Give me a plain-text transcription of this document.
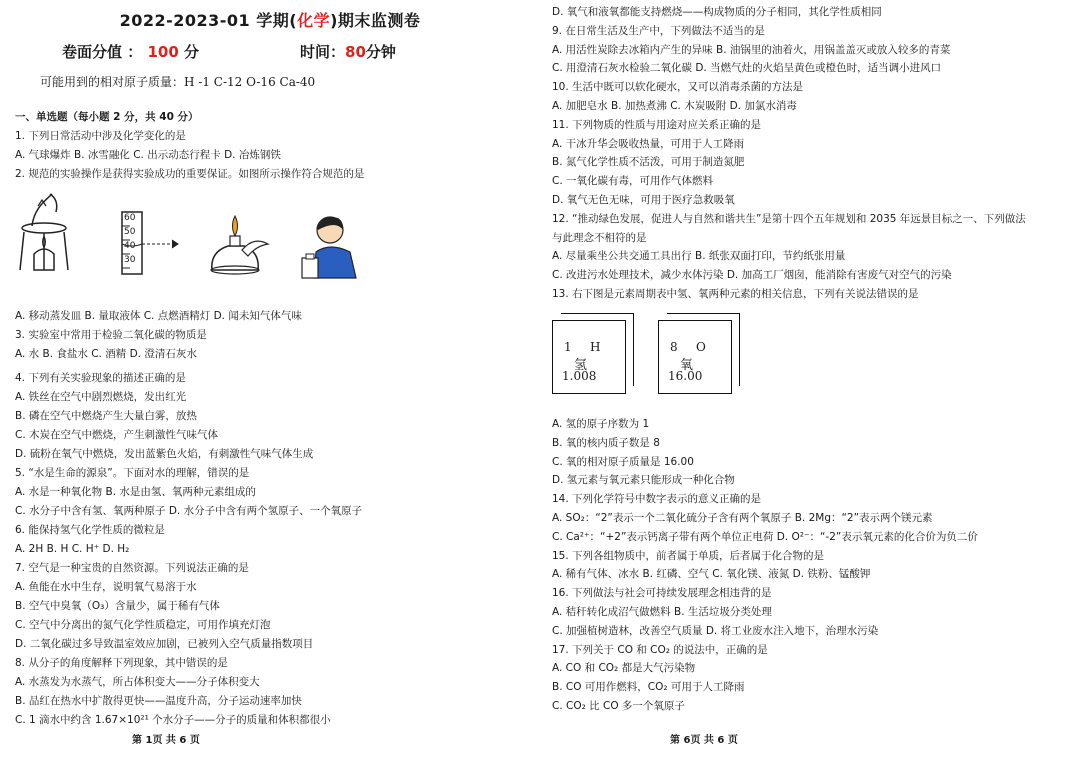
2022-2023-01 学期(化学)期末监测卷
卷面分值 ： 100 分	时间：80分钟
可能用到的相对原子质量：H -1 C-12 O-16 Ca-40
一、单选题（每小题 2 分，共 40 分）
1. 下列日常活动中涉及化学变化的是
A. 气球爆炸 B. 冰雪融化 C. 出示动态行程卡 D. 冶炼钢铁
2. 规范的实验操作是获得实验成功的重要保证。如图所示操作符合规范的是
A. 移动蒸发皿 B. 量取液体 C. 点燃酒精灯 D. 闻未知气体气味
3. 实验室中常用于检验二氧化碳的物质是
A. 水 B. 食盐水 C. 酒精 D. 澄清石灰水
4. 下列有关实验现象的描述正确的是
A. 铁丝在空气中剧烈燃烧，发出红光
B. 磷在空气中燃烧产生大量白雾，放热
C. 木炭在空气中燃烧，产生刺激性气味气体
D. 硫粉在氧气中燃烧，发出蓝紫色火焰，有刺激性气味气体生成
5. “水是生命的源泉”。下面对水的理解，错误的是
A. 水是一种氧化物 B. 水是由氢、氧两种元素组成的
C. 水分子中含有氢、氧两种原子 D. 水分子中含有两个氢原子、一个氧原子
6. 能保持氢气化学性质的微粒是
A. 2H B. H C. H⁺ D. H₂
7. 空气是一种宝贵的自然资源。下列说法正确的是
A. 鱼能在水中生存，说明氧气易溶于水
B. 空气中臭氧（O₃）含量少，属于稀有气体
C. 空气中分离出的氮气化学性质稳定，可用作填充灯泡
D. 二氧化碳过多导致温室效应加剧，已被列入空气质量指数项目
8. 从分子的角度解释下列现象，其中错误的是
A. 水蒸发为水蒸气，所占体积变大——分子体积变大
B. 品红在热水中扩散得更快——温度升高，分子运动速率加快
C. 1 滴水中约含 1.67×10²¹ 个水分子——分子的质量和体积都很小
60
50
40
30
第 1页 共 6 页
D. 氧气和液氧都能支持燃烧——构成物质的分子相同，其化学性质相同
9. 在日常生活及生产中，下列做法不适当的是
A. 用活性炭除去冰箱内产生的异味 B. 油锅里的油着火，用锅盖盖灭或放入较多的青菜
C. 用澄清石灰水检验二氧化碳 D. 当燃气灶的火焰呈黄色或橙色时，适当调小进风口
10. 生活中既可以软化硬水，又可以消毒杀菌的方法是
A. 加肥皂水 B. 加热煮沸 C. 木炭吸附 D. 加氯水消毒
11. 下列物质的性质与用途对应关系正确的是
A. 干冰升华会吸收热量，可用于人工降雨
B. 氮气化学性质不活泼，可用于制造氮肥
C. 一氧化碳有毒，可用作气体燃料
D. 氧气无色无味，可用于医疗急救吸氧
12. “推动绿色发展，促进人与自然和谐共生”是第十四个五年规划和 2035 年远景目标之一、下列做法
与此理念不相符的是
A. 尽量乘坐公共交通工具出行 B. 纸张双面打印，节约纸张用量
C. 改进污水处理技术，减少水体污染 D. 加高工厂烟囱，能消除有害废气对空气的污染
13. 右下图是元素周期表中氢、氧两种元素的相关信息，下列有关说法错误的是
1 H
氢
1.008
8 O
氧
16.00
A. 氢的原子序数为 1
B. 氧的核内质子数是 8
C. 氧的相对原子质量是 16.00
D. 氢元素与氧元素只能形成一种化合物
14. 下列化学符号中数字表示的意义正确的是
A. SO₂：“2”表示一个二氧化硫分子含有两个氧原子 B. 2Mg：“2”表示两个镁元素
C. Ca²⁺：“+2”表示钙离子带有两个单位正电荷 D. O²⁻：“-2”表示氧元素的化合价为负二价
15. 下列各组物质中，前者属于单质，后者属于化合物的是
A. 稀有气体、冰水 B. 红磷、空气 C. 氧化镁、液氮 D. 铁粉、锰酸钾
16. 下列做法与社会可持续发展理念相违背的是
A. 秸秆转化成沼气做燃料 B. 生活垃圾分类处理
C. 加强植树造林，改善空气质量 D. 将工业废水注入地下，治理水污染
17. 下列关于 CO 和 CO₂ 的说法中，正确的是
A. CO 和 CO₂ 都是大气污染物
B. CO 可用作燃料，CO₂ 可用于人工降雨
C. CO₂ 比 CO 多一个氧原子
第 6页 共 6 页
